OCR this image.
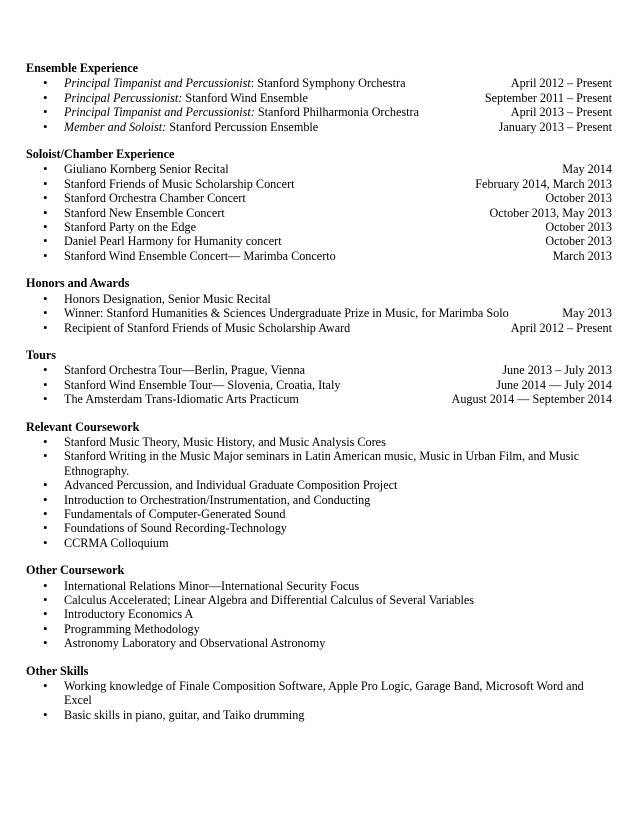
Ensemble Experience
• Principal Timpanist and Percussionist: Stanford Symphony Orchestra	April 2012 – Present
• Principal Percussionist: Stanford Wind Ensemble	September 2011 – Present
• Principal Timpanist and Percussionist: Stanford Philharmonia Orchestra	April 2013 – Present
• Member and Soloist: Stanford Percussion Ensemble	January 2013 – Present
Soloist/Chamber Experience
• Giuliano Kornberg Senior Recital	May 2014
• Stanford Friends of Music Scholarship Concert	February 2014, March 2013
• Stanford Orchestra Chamber Concert	October 2013
• Stanford New Ensemble Concert	October 2013, May 2013
• Stanford Party on the Edge	October 2013
• Daniel Pearl Harmony for Humanity concert	October 2013
• Stanford Wind Ensemble Concert— Marimba Concerto	March 2013
Honors and Awards
• Honors Designation, Senior Music Recital
• Winner: Stanford Humanities & Sciences Undergraduate Prize in Music, for Marimba Solo	May 2013
• Recipient of Stanford Friends of Music Scholarship Award	April 2012 – Present
Tours
• Stanford Orchestra Tour—Berlin, Prague, Vienna	June 2013 – July 2013
• Stanford Wind Ensemble Tour— Slovenia, Croatia, Italy	June 2014 — July 2014
• The Amsterdam Trans-Idiomatic Arts Practicum	August 2014 — September 2014
Relevant Coursework
• Stanford Music Theory, Music History, and Music Analysis Cores
• Stanford Writing in the Music Major seminars in Latin American music, Music in Urban Film, and Music Ethnography.
• Advanced Percussion, and Individual Graduate Composition Project
• Introduction to Orchestration/Instrumentation, and Conducting
• Fundamentals of Computer-Generated Sound
• Foundations of Sound Recording-Technology
• CCRMA Colloquium
Other Coursework
• International Relations Minor—International Security Focus
• Calculus Accelerated; Linear Algebra and Differential Calculus of Several Variables
• Introductory Economics A
• Programming Methodology
• Astronomy Laboratory and Observational Astronomy
Other Skills
• Working knowledge of Finale Composition Software, Apple Pro Logic, Garage Band, Microsoft Word and Excel
• Basic skills in piano, guitar, and Taiko drumming
